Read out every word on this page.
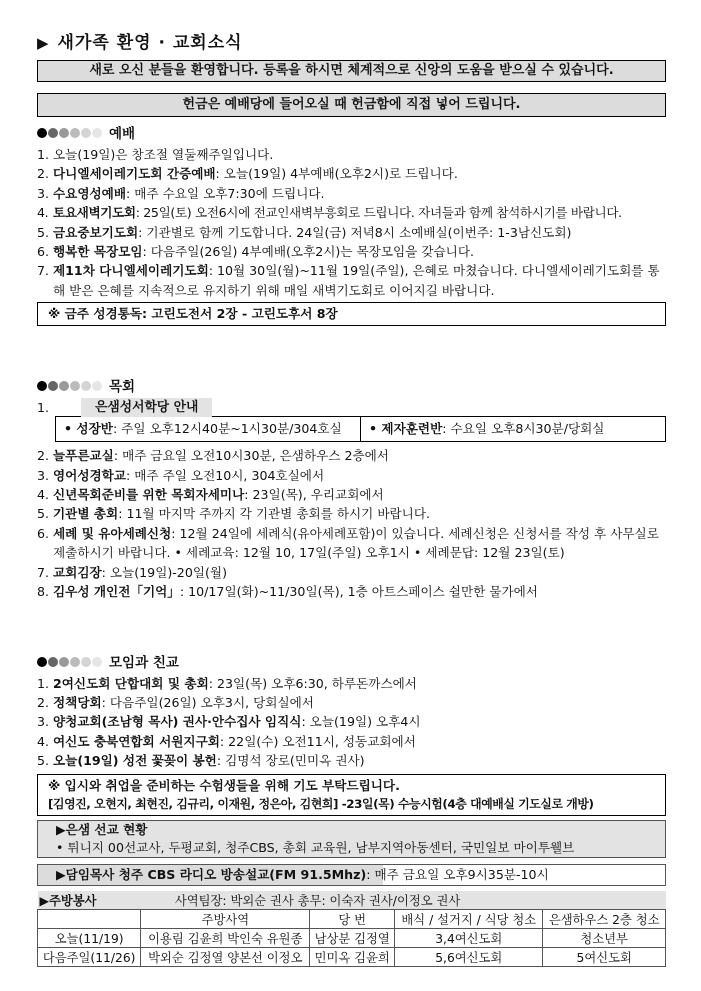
▶ 새가족 환영 · 교회소식
새로 오신 분들을 환영합니다. 등록을 하시면 체계적으로 신앙의 도움을 받으실 수 있습니다.
헌금은 예배당에 들어오실 때 헌금함에 직접 넣어 드립니다.
예배
1. 오늘(19일)은 창조절 열둘째주일입니다.
2. 다니엘세이레기도회 간증예배: 오늘(19일) 4부예배(오후2시)로 드립니다.
3. 수요영성예배: 매주 수요일 오후7:30에 드립니다.
4. 토요새벽기도회: 25일(토) 오전6시에 전교인새벽부흥회로 드립니다. 자녀들과 함께 참석하시기를 바랍니다.
5. 금요중보기도회: 기관별로 함께 기도합니다. 24일(금) 저녁8시 소예배실(이번주: 1-3남신도회)
6. 행복한 목장모임: 다음주일(26일) 4부예배(오후2시)는 목장모임을 갖습니다.
7. 제11차 다니엘세이레기도회: 10월 30일(월)~11월 19일(주일), 은혜로 마쳤습니다. 다니엘세이레기도회를 통해 받은 은혜를 지속적으로 유지하기 위해 매일 새벽기도회로 이어지길 바랍니다.
※ 금주 성경통독: 고린도전서 2장 - 고린도후서 8장
목회
1.
• 성장반: 주일 오후12시40분~1시30분/304호실	• 제자훈련반: 수요일 오후8시30분/당회실
은샘성서학당 안내
2. 늘푸른교실: 매주 금요일 오전10시30분, 은샘하우스 2층에서
3. 영어성경학교: 매주 주일 오전10시, 304호실에서
4. 신년목회준비를 위한 목회자세미나: 23일(목), 우리교회에서
5. 기관별 총회: 11월 마지막 주까지 각 기관별 총회를 하시기 바랍니다.
6. 세례 및 유아세례신청: 12월 24일에 세례식(유아세례포함)이 있습니다. 세례신청은 신청서를 작성 후 사무실로 제출하시기 바랍니다. • 세례교육: 12월 10, 17일(주일) 오후1시 • 세례문답: 12월 23일(토)
7. 교회김장: 오늘(19일)-20일(월)
8. 김우성 개인전「기억」: 10/17일(화)~11/30일(목), 1층 아트스페이스 쉴만한 물가에서
모임과 친교
1. 2여신도회 단합대회 및 총회: 23일(목) 오후6:30, 하루돈까스에서
2. 정책당회: 다음주일(26일) 오후3시, 당회실에서
3. 양청교회(조남형 목사) 권사·안수집사 임직식: 오늘(19일) 오후4시
4. 여신도 충북연합회 서원지구회: 22일(수) 오전11시, 성동교회에서
5. 오늘(19일) 성전 꽃꽂이 봉헌: 김명석 장로(민미옥 권사)
※ 입시와 취업을 준비하는 수험생들을 위해 기도 부탁드립니다.
[김영진, 오현지, 최현진, 김규리, 이재원, 정은아, 김현희] -23일(목) 수능시험(4층 대예배실 기도실로 개방)
▶은샘 선교 현황
• 튀니지 00선교사, 두평교회, 청주CBS, 총회 교육원, 남부지역아동센터, 국민일보 마이투웰브
▶담임목사 청주 CBS 라디오 방송설교(FM 91.5Mhz): 매주 금요일 오후9시35분-10시
▶주방봉사	사역팀장: 박외순 권사 총무: 이숙자 권사/이정오 권사			
	주방사역	당 번	배식 / 설거지 / 식당 청소	은샘하우스 2층 청소
오늘(11/19)	이용림 김윤희 박인숙 유원종	남상분 김정열	3,4여신도회	청소년부
다음주일(11/26)	박외순 김정열 양본선 이정오	민미옥 김윤희	5,6여신도회	5여신도회
